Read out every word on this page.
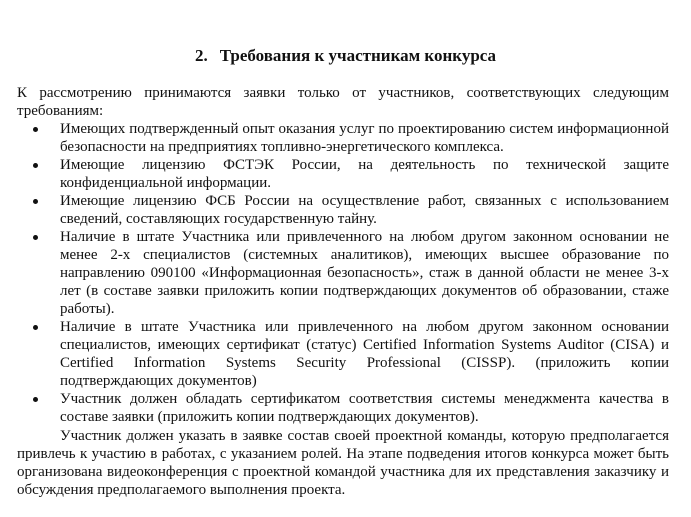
2. Требования к участникам конкурса

К рассмотрению принимаются заявки только от участников, соответствующих следующим требованиям:

Имеющих подтвержденный опыт оказания услуг по проектированию систем информационной безопасности на предприятиях топливно-энергетического комплекса.
Имеющие лицензию ФСТЭК России, на деятельность по технической защите конфиденциальной информации.
Имеющие лицензию ФСБ России на осуществление работ, связанных с использованием сведений, составляющих государственную тайну.
Наличие в штате Участника или привлеченного на любом другом законном основании не менее 2-х специалистов (системных аналитиков), имеющих высшее образование по направлению 090100 «Информационная безопасность», стаж в данной области не менее 3-х лет (в составе заявки приложить копии подтверждающих документов об образовании, стаже работы).
Наличие в штате Участника или привлеченного на любом другом законном основании специалистов, имеющих сертификат (статус) Certified Information Systems Auditor (CISA) и Certified Information Systems Security Professional (CISSP). (приложить копии подтверждающих документов)
Участник должен обладать сертификатом соответствия системы менеджмента качества в составе заявки (приложить копии подтверждающих документов).

Участник должен указать в заявке состав своей проектной команды, которую предполагается привлечь к участию в работах, с указанием ролей. На этапе подведения итогов конкурса может быть организована видеоконференция с проектной командой участника для их представления заказчику и обсуждения предполагаемого выполнения проекта.
